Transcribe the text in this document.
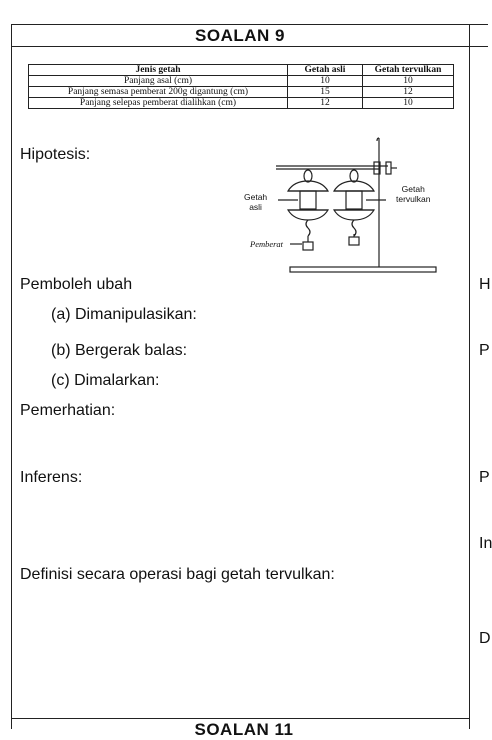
SOALAN 9
Jenis getah	Getah asli	Getah tervulkan
Panjang asal (cm)	10	10
Panjang semasa pemberat 200g digantung (cm)	15	12
Panjang selepas pemberat dialihkan (cm)	12	10
Getah
asli
Getah
tervulkan
Pemberat
Hipotesis:
Pemboleh ubah
(a) Dimanipulasikan:
(b) Bergerak balas:
(c) Dimalarkan:
Pemerhatian:
Inferens:
Definisi secara operasi bagi getah tervulkan:
H
P
P
In
D
SOALAN 11
